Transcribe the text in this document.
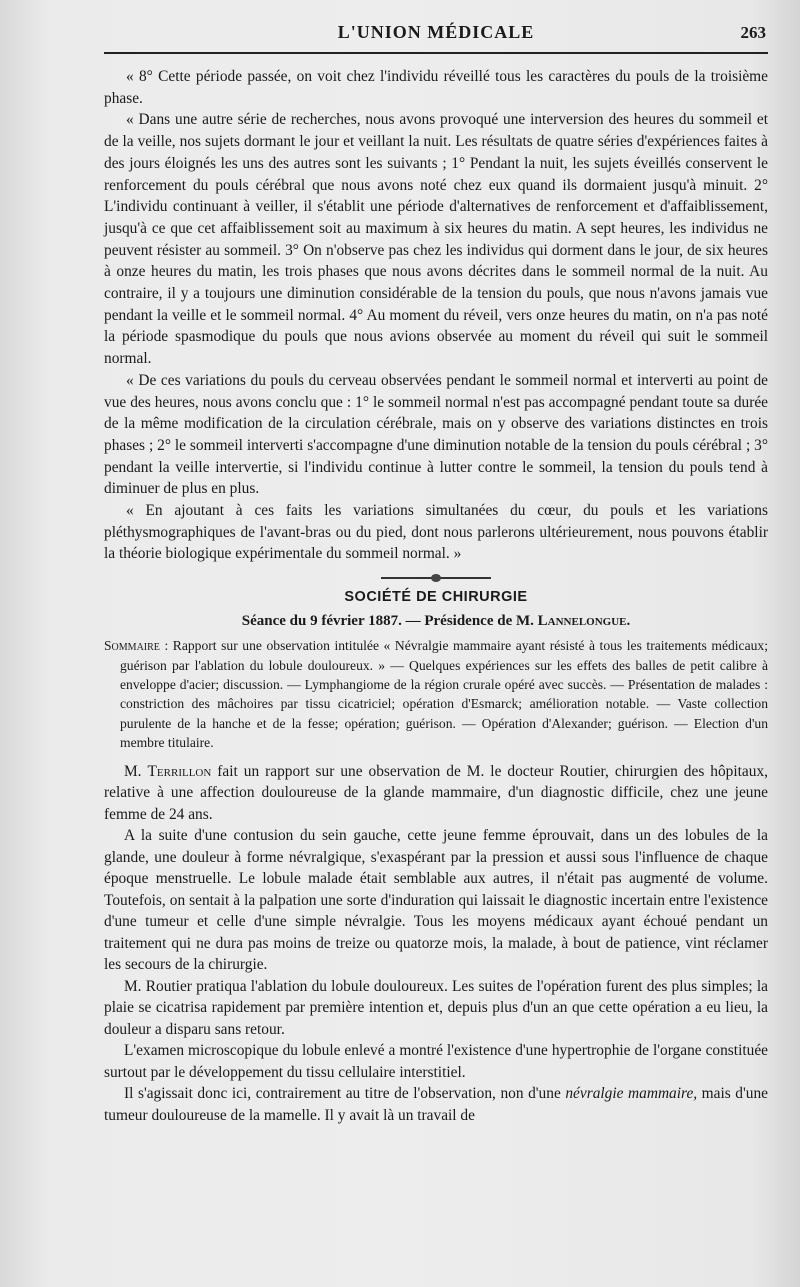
L'UNION MÉDICALE	263

« 8° Cette période passée, on voit chez l'individu réveillé tous les caractères du pouls de la troisième phase.

« Dans une autre série de recherches, nous avons provoqué une interversion des heures du sommeil et de la veille, nos sujets dormant le jour et veillant la nuit. Les résultats de quatre séries d'expériences faites à des jours éloignés les uns des autres sont les suivants ; 1° Pendant la nuit, les sujets éveillés conservent le renforcement du pouls cérébral que nous avons noté chez eux quand ils dormaient jusqu'à minuit. 2° L'individu continuant à veiller, il s'établit une période d'alternatives de renforcement et d'affaiblissement, jusqu'à ce que cet affaiblissement soit au maximum à six heures du matin. A sept heures, les individus ne peuvent résister au sommeil. 3° On n'observe pas chez les individus qui dorment dans le jour, de six heures à onze heures du matin, les trois phases que nous avons décrites dans le sommeil normal de la nuit. Au contraire, il y a toujours une diminution considérable de la tension du pouls, que nous n'avons jamais vue pendant la veille et le sommeil normal. 4° Au moment du réveil, vers onze heures du matin, on n'a pas noté la période spasmodique du pouls que nous avions observée au moment du réveil qui suit le sommeil normal.

« De ces variations du pouls du cerveau observées pendant le sommeil normal et interverti au point de vue des heures, nous avons conclu que : 1° le sommeil normal n'est pas accompagné pendant toute sa durée de la même modification de la circulation cérébrale, mais on y observe des variations distinctes en trois phases ; 2° le sommeil interverti s'accompagne d'une diminution notable de la tension du pouls cérébral ; 3° pendant la veille intervertie, si l'individu continue à lutter contre le sommeil, la tension du pouls tend à diminuer de plus en plus.

« En ajoutant à ces faits les variations simultanées du cœur, du pouls et les variations pléthysmographiques de l'avant-bras ou du pied, dont nous parlerons ultérieurement, nous pouvons établir la théorie biologique expérimentale du sommeil normal. »

SOCIÉTÉ DE CHIRURGIE
Séance du 9 février 1887. — Présidence de M. Lannelongue.
Sommaire : Rapport sur une observation intitulée « Névralgie mammaire ayant résisté à tous les traitements médicaux; guérison par l'ablation du lobule douloureux. » — Quelques expériences sur les effets des balles de petit calibre à enveloppe d'acier; discussion. — Lymphangiome de la région crurale opéré avec succès. — Présentation de malades : constriction des mâchoires par tissu cicatriciel; opération d'Esmarck; amélioration notable. — Vaste collection purulente de la hanche et de la fesse; opération; guérison. — Opération d'Alexander; guérison. — Election d'un membre titulaire.

M. Terrillon fait un rapport sur une observation de M. le docteur Routier, chirurgien des hôpitaux, relative à une affection douloureuse de la glande mammaire, d'un diagnostic difficile, chez une jeune femme de 24 ans.

A la suite d'une contusion du sein gauche, cette jeune femme éprouvait, dans un des lobules de la glande, une douleur à forme névralgique, s'exaspérant par la pression et aussi sous l'influence de chaque époque menstruelle. Le lobule malade était semblable aux autres, il n'était pas augmenté de volume. Toutefois, on sentait à la palpation une sorte d'induration qui laissait le diagnostic incertain entre l'existence d'une tumeur et celle d'une simple névralgie. Tous les moyens médicaux ayant échoué pendant un traitement qui ne dura pas moins de treize ou quatorze mois, la malade, à bout de patience, vint réclamer les secours de la chirurgie.

M. Routier pratiqua l'ablation du lobule douloureux. Les suites de l'opération furent des plus simples; la plaie se cicatrisa rapidement par première intention et, depuis plus d'un an que cette opération a eu lieu, la douleur a disparu sans retour.

L'examen microscopique du lobule enlevé a montré l'existence d'une hypertrophie de l'organe constituée surtout par le développement du tissu cellulaire interstitiel.

Il s'agissait donc ici, contrairement au titre de l'observation, non d'une névralgie mammaire, mais d'une tumeur douloureuse de la mamelle. Il y avait là un travail de
